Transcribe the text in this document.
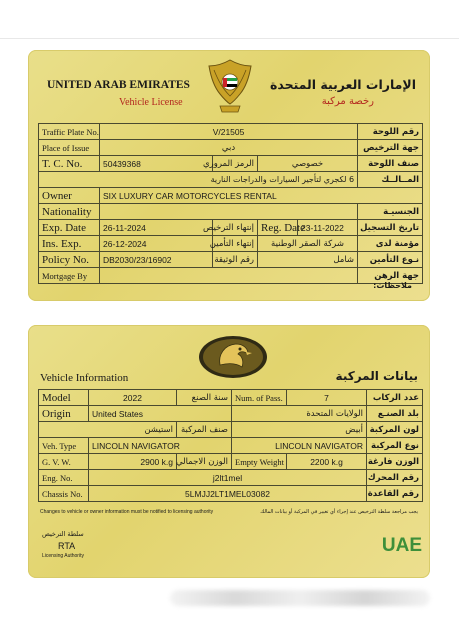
UNITED ARAB EMIRATES
Vehicle License
الإمارات العربية المتحدة
رخصة مركبة
Traffic Plate No.	V/21505				رقم اللوحة
Place of Issue	دبي				جهة الترخيص
T. C. No.	50439368	الرمز المروري	خصوصي		صنف اللوحة
6 لكجري لتأجير السيارات والدراجات النارية					المــالــك
Owner	SIX LUXURY CAR MOTORCYCLES RENTAL				
Nationality					الجنسيـة
Exp. Date	26-11-2024	إنتهاء الترخيص	Reg. Date	23-11-2022	تاريخ التسجيل
Ins. Exp.	26-12-2024	إنتهاء التأمين	شركة الصقر الوطنية		مؤمنة لدى
Policy No.	DB2030/23/16902	رقم الوثيقة	شامل		نـوع التأمين
Mortgage By					جهة الرهن
ملاحظات:
Vehicle Information	بيانات المركبة
Model	2022	سنة الصنع	Num. of Pass.	7	عدد الركاب
Origin	United States		الولايات المتحدة		بلد الصنـع
استيشن		صنف المركبة	أبيض		لون المركبة
Veh. Type	LINCOLN NAVIGATOR		LINCOLN NAVIGATOR		نوع المركبة
G. V. W.	2900 k.g	الوزن الاجمالي	Empty Weight	2200 k.g	الوزن فارغة
Eng. No.	j2lt1mel				رقم المحرك
Chassis No.	5LMJJ2LT1MEL03082				رقم القاعدة
Changes to vehicle or owner information must be notified to licensing authority	يجب مراجعة سلطة الترخيص عند إجراء أي تغيير في المركبة أو بيانات المالك
سلطة الترخيص
RTA
Licensing Authority	UAE
